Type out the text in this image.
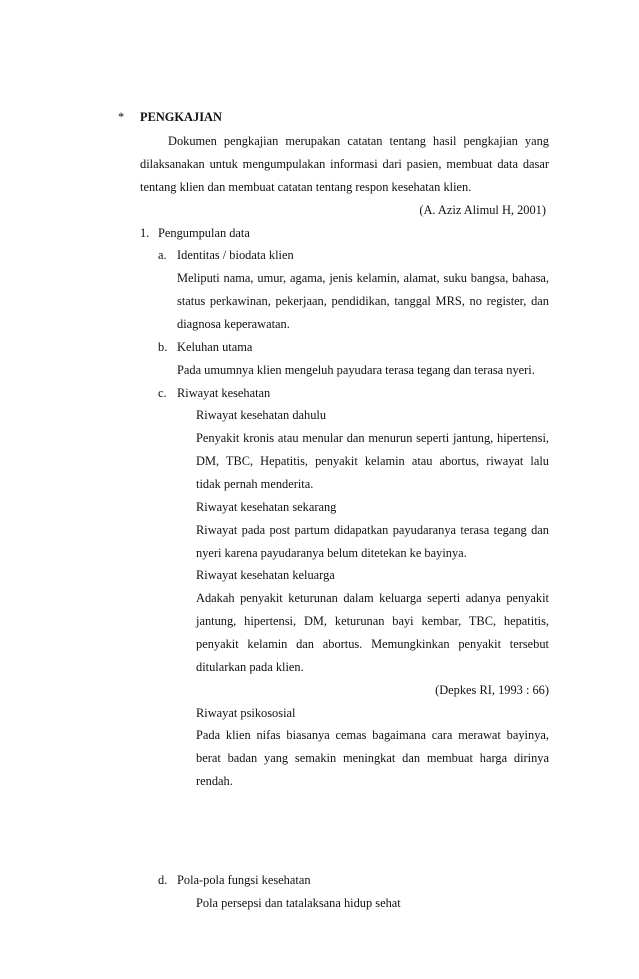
* PENGKAJIAN
Dokumen pengkajian merupakan catatan tentang hasil pengkajian yang
dilaksanakan untuk mengumpulakan informasi dari pasien, membuat data dasar
tentang klien dan membuat catatan tentang respon kesehatan klien.
(A. Aziz Alimul H, 2001)
1. Pengumpulan data
a. Identitas / biodata klien
Meliputi nama, umur, agama, jenis kelamin, alamat, suku bangsa, bahasa,
status perkawinan, pekerjaan, pendidikan, tanggal MRS, no register, dan
diagnosa keperawatan.
b. Keluhan utama
Pada umumnya klien mengeluh payudara terasa tegang dan terasa nyeri.
c. Riwayat kesehatan
Riwayat kesehatan dahulu
Penyakit kronis atau menular dan menurun seperti jantung, hipertensi,
DM, TBC, Hepatitis, penyakit kelamin atau abortus, riwayat lalu
tidak pernah menderita.
Riwayat kesehatan sekarang
Riwayat pada post partum didapatkan payudaranya terasa tegang dan
nyeri karena payudaranya belum ditetekan ke bayinya.
Riwayat kesehatan keluarga
Adakah penyakit keturunan dalam keluarga seperti adanya penyakit
jantung, hipertensi, DM, keturunan bayi kembar, TBC, hepatitis,
penyakit kelamin dan abortus. Memungkinkan penyakit tersebut
ditularkan pada klien.
(Depkes RI, 1993 : 66)
Riwayat psikososial
Pada klien nifas biasanya cemas bagaimana cara merawat bayinya,
berat badan yang semakin meningkat dan membuat harga dirinya
rendah.
d. Pola-pola fungsi kesehatan
Pola persepsi dan tatalaksana hidup sehat
